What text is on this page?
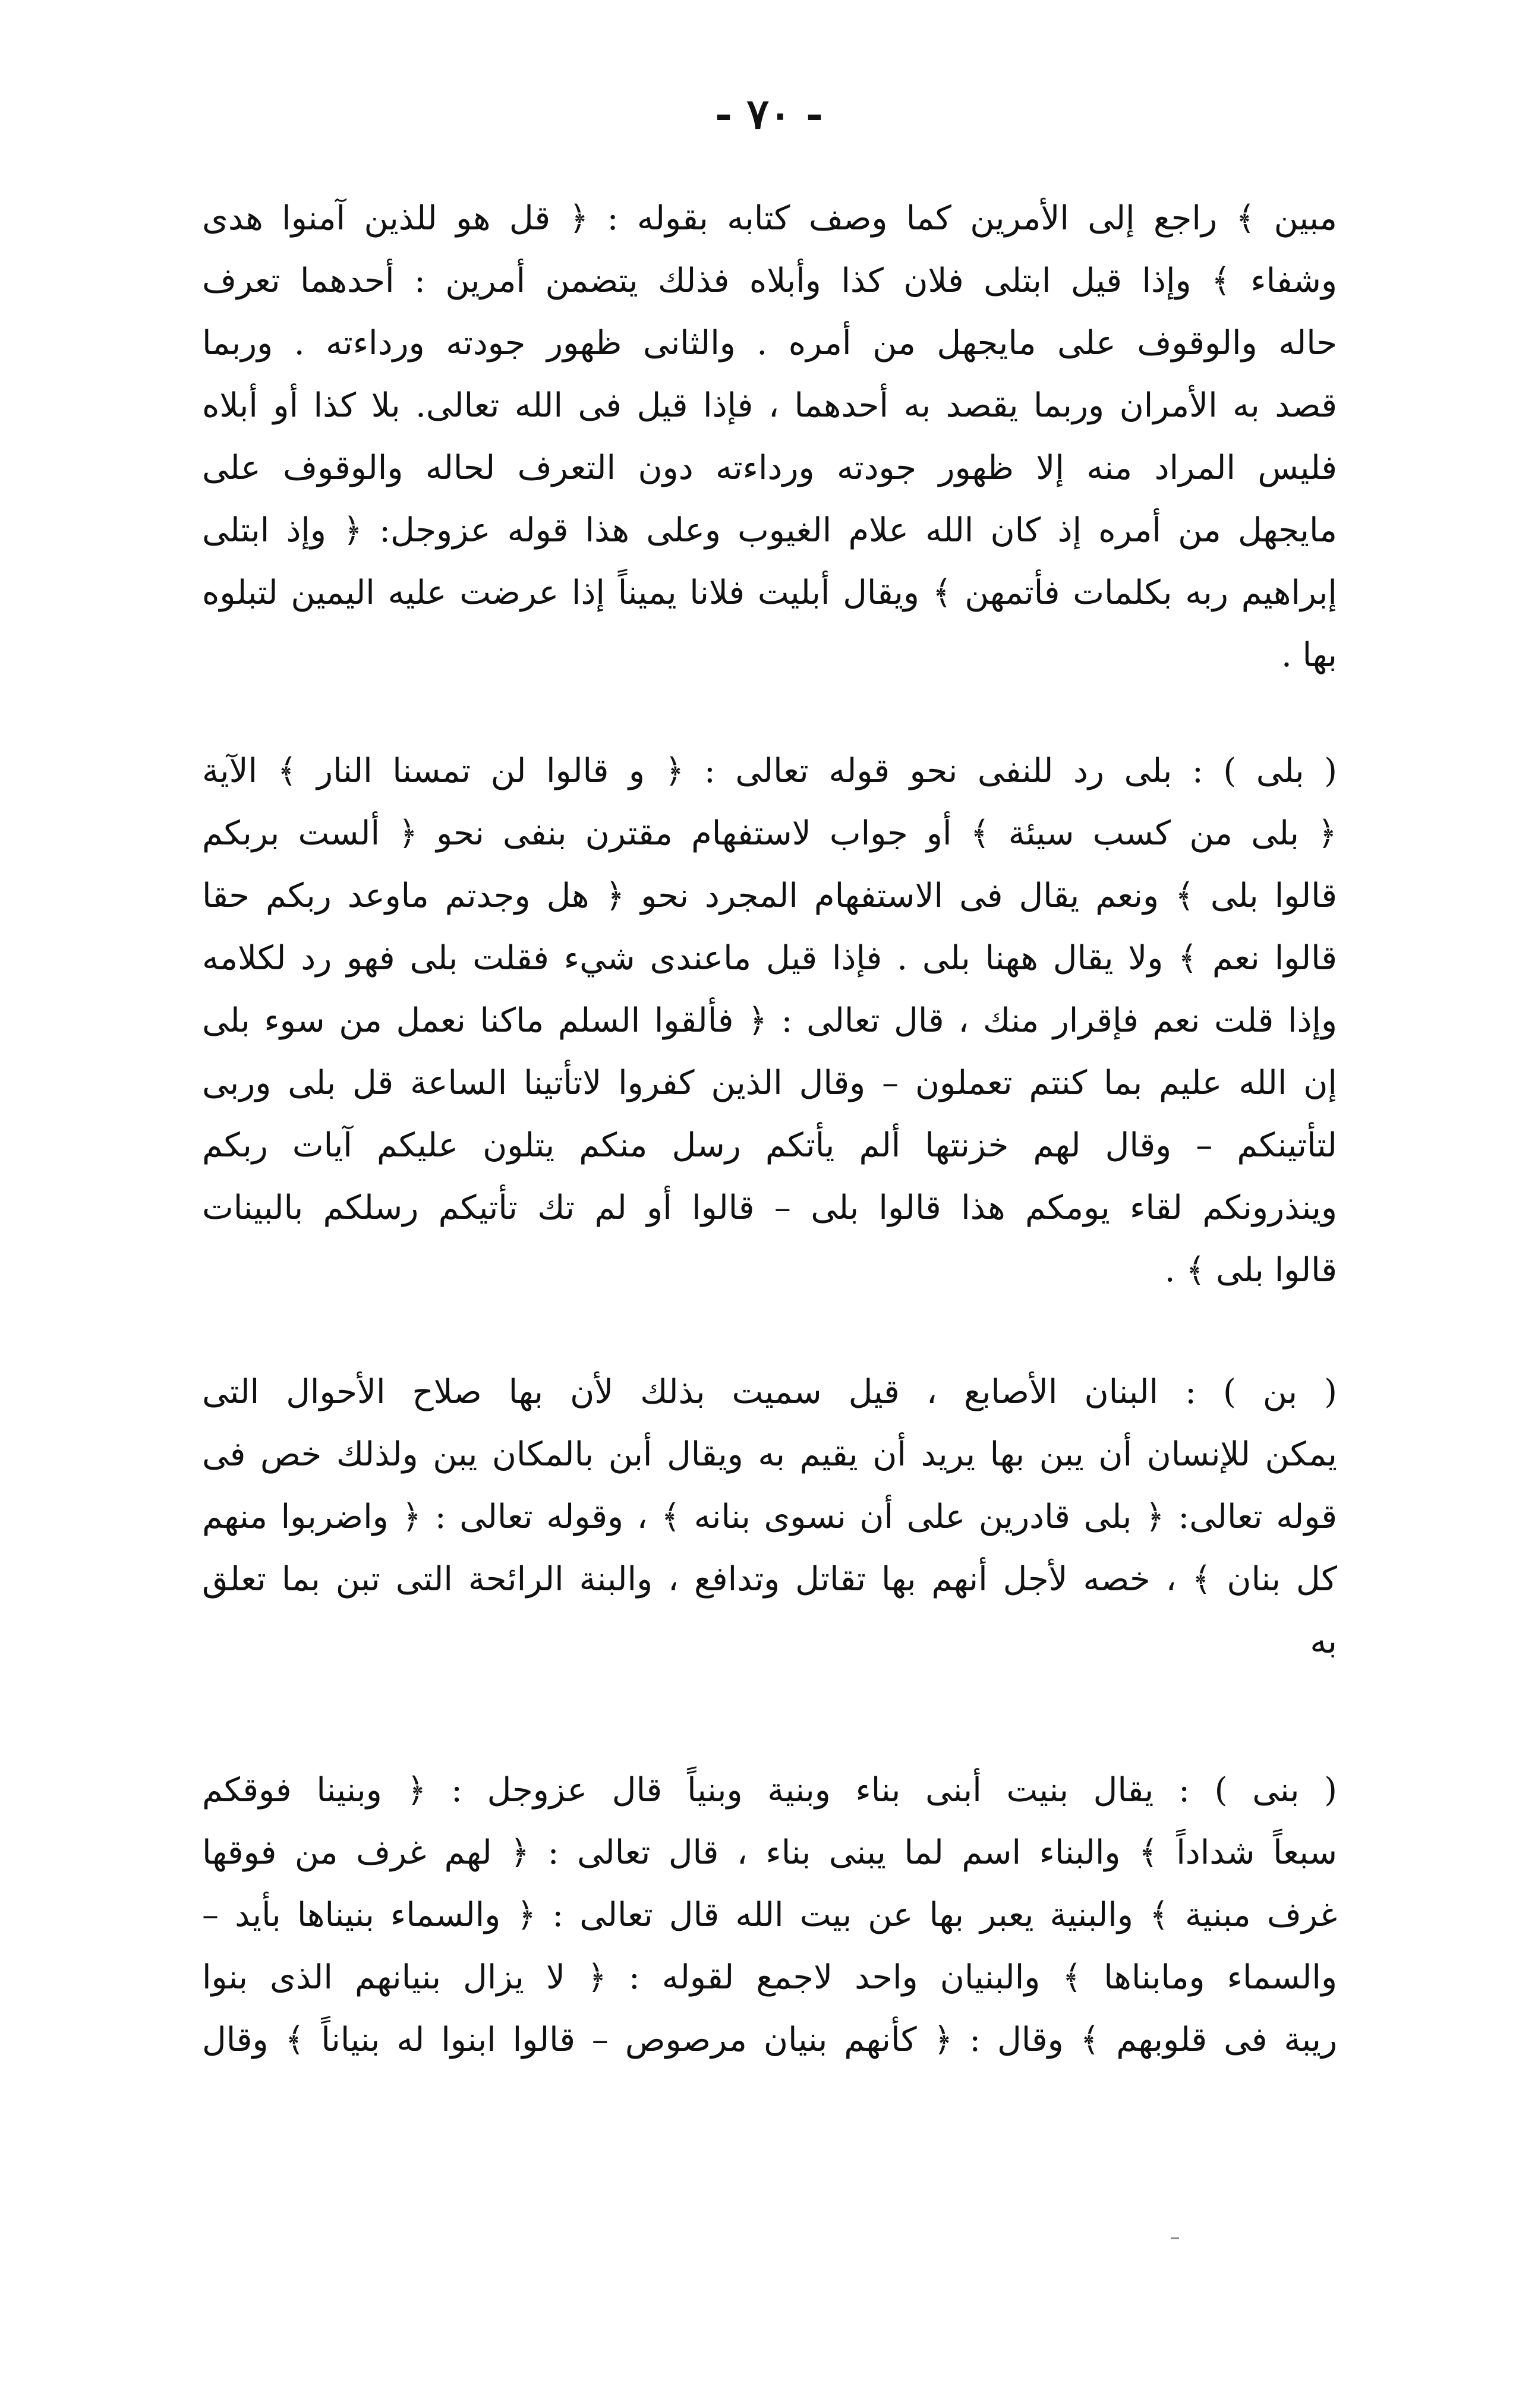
- ٧٠ -
مبين ﴾ راجع إلى الأمرين كما وصف كتابه بقوله : ﴿ قل هو للذين آمنوا هدى
وشفاء ﴾ وإذا قيل ابتلى فلان كذا وأبلاه فذلك يتضمن أمرين : أحدهما تعرف
حاله والوقوف على مايجهل من أمره . والثانى ظهور جودته ورداءته . وربما
قصد به الأمران وربما يقصد به أحدهما ، فإذا قيل فى الله تعالى. بلا كذا أو أبلاه
فليس المراد منه إلا ظهور جودته ورداءته دون التعرف لحاله والوقوف على
مايجهل من أمره إذ كان الله علام الغيوب وعلى هذا قوله عزوجل: ﴿ وإذ ابتلى
إبراهيم ربه بكلمات فأتمهن ﴾ ويقال أبليت فلانا يميناً إذا عرضت عليه اليمين لتبلوه
بها .
( بلى ) : بلى رد للنفى نحو قوله تعالى : ﴿ و قالوا لن تمسنا النار ﴾ الآية
﴿ بلى من كسب سيئة ﴾ أو جواب لاستفهام مقترن بنفى نحو ﴿ ألست بربكم
قالوا بلى ﴾ ونعم يقال فى الاستفهام المجرد نحو ﴿ هل وجدتم ماوعد ربكم حقا
قالوا نعم ﴾ ولا يقال ههنا بلى . فإذا قيل ماعندى شيء فقلت بلى فهو رد لكلامه
وإذا قلت نعم فإقرار منك ، قال تعالى : ﴿ فألقوا السلم ماكنا نعمل من سوء بلى
إن الله عليم بما كنتم تعملون – وقال الذين كفروا لاتأتينا الساعة قل بلى وربى
لتأتينكم – وقال لهم خزنتها ألم يأتكم رسل منكم يتلون عليكم آيات ربكم
وينذرونكم لقاء يومكم هذا قالوا بلى – قالوا أو لم تك تأتيكم رسلكم بالبينات
قالوا بلى ﴾ .
( بن ) : البنان الأصابع ، قيل سميت بذلك لأن بها صلاح الأحوال التى
يمكن للإنسان أن يبن بها يريد أن يقيم به ويقال أبن بالمكان يبن ولذلك خص فى
قوله تعالى: ﴿ بلى قادرين على أن نسوى بنانه ﴾ ، وقوله تعالى : ﴿ واضربوا منهم
كل بنان ﴾ ، خصه لأجل أنهم بها تقاتل وتدافع ، والبنة الرائحة التى تبن بما تعلق
به
( بنى ) : يقال بنيت أبنى بناء وبنية وبنياً قال عزوجل : ﴿ وبنينا فوقكم
سبعاً شداداً ﴾ والبناء اسم لما يبنى بناء ، قال تعالى : ﴿ لهم غرف من فوقها
غرف مبنية ﴾ والبنية يعبر بها عن بيت الله قال تعالى : ﴿ والسماء بنيناها بأيد –
والسماء ومابناها ﴾ والبنيان واحد لاجمع لقوله : ﴿ لا يزال بنيانهم الذى بنوا
ريبة فى قلوبهم ﴾ وقال : ﴿ كأنهم بنيان مرصوص – قالوا ابنوا له بنياناً ﴾ وقال
